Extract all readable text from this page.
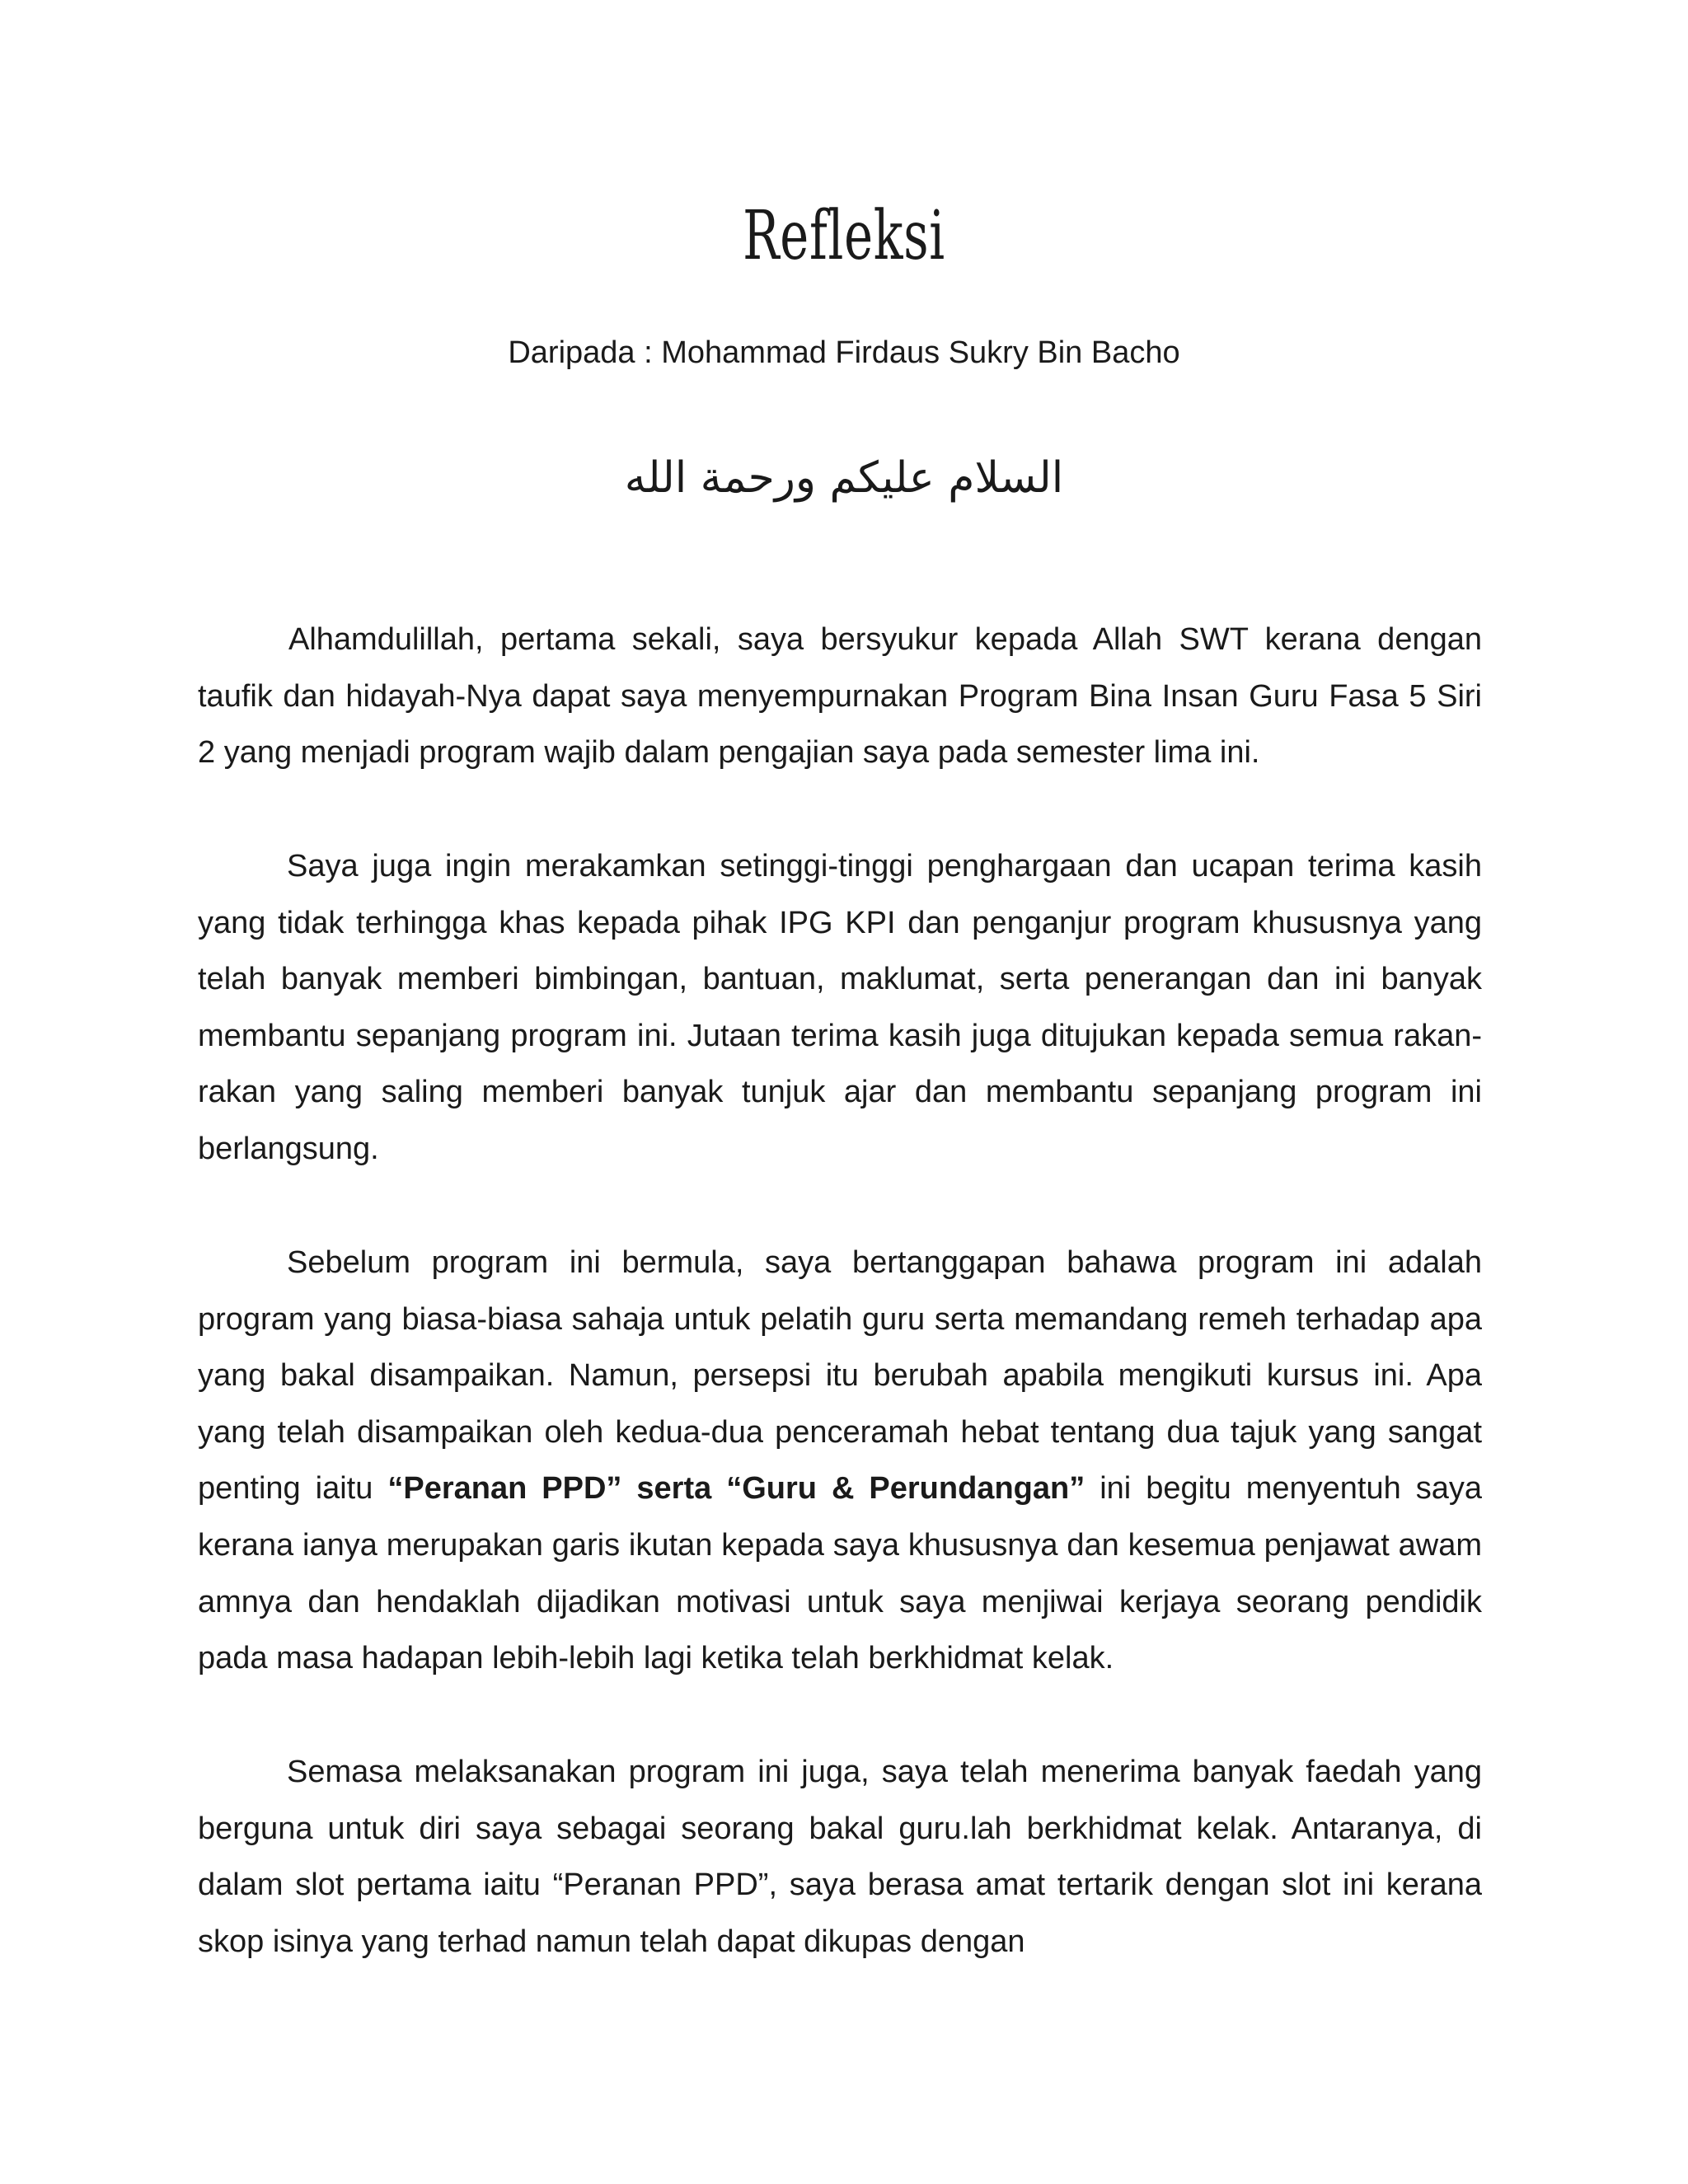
Refleksi
Daripada : Mohammad Firdaus Sukry Bin Bacho
السلام عليكم ورحمة الله

Alhamdulillah, pertama sekali, saya bersyukur kepada Allah SWT kerana dengan taufik dan hidayah-Nya dapat saya menyempurnakan Program Bina Insan Guru Fasa 5 Siri 2 yang menjadi program wajib dalam pengajian saya pada semester lima ini.

Saya juga ingin merakamkan setinggi-tinggi penghargaan dan ucapan terima kasih yang tidak terhingga khas kepada pihak IPG KPI dan penganjur program khususnya yang telah banyak memberi bimbingan, bantuan, maklumat, serta penerangan dan ini banyak membantu sepanjang program ini. Jutaan terima kasih juga ditujukan kepada semua rakan-rakan yang saling memberi banyak tunjuk ajar dan membantu sepanjang program ini berlangsung.

Sebelum program ini bermula, saya bertanggapan bahawa program ini adalah program yang biasa-biasa sahaja untuk pelatih guru serta memandang remeh terhadap apa yang bakal disampaikan. Namun, persepsi itu berubah apabila mengikuti kursus ini. Apa yang telah disampaikan oleh kedua-dua penceramah hebat tentang dua tajuk yang sangat penting iaitu “Peranan PPD” serta “Guru & Perundangan” ini begitu menyentuh saya kerana ianya merupakan garis ikutan kepada saya khususnya dan kesemua penjawat awam amnya dan hendaklah dijadikan motivasi untuk saya menjiwai kerjaya seorang pendidik pada masa hadapan lebih-lebih lagi ketika telah berkhidmat kelak.

Semasa melaksanakan program ini juga, saya telah menerima banyak faedah yang berguna untuk diri saya sebagai seorang bakal guru.lah berkhidmat kelak. Antaranya, di dalam slot pertama iaitu “Peranan PPD”, saya berasa amat tertarik dengan slot ini kerana skop isinya yang terhad namun telah dapat dikupas dengan
